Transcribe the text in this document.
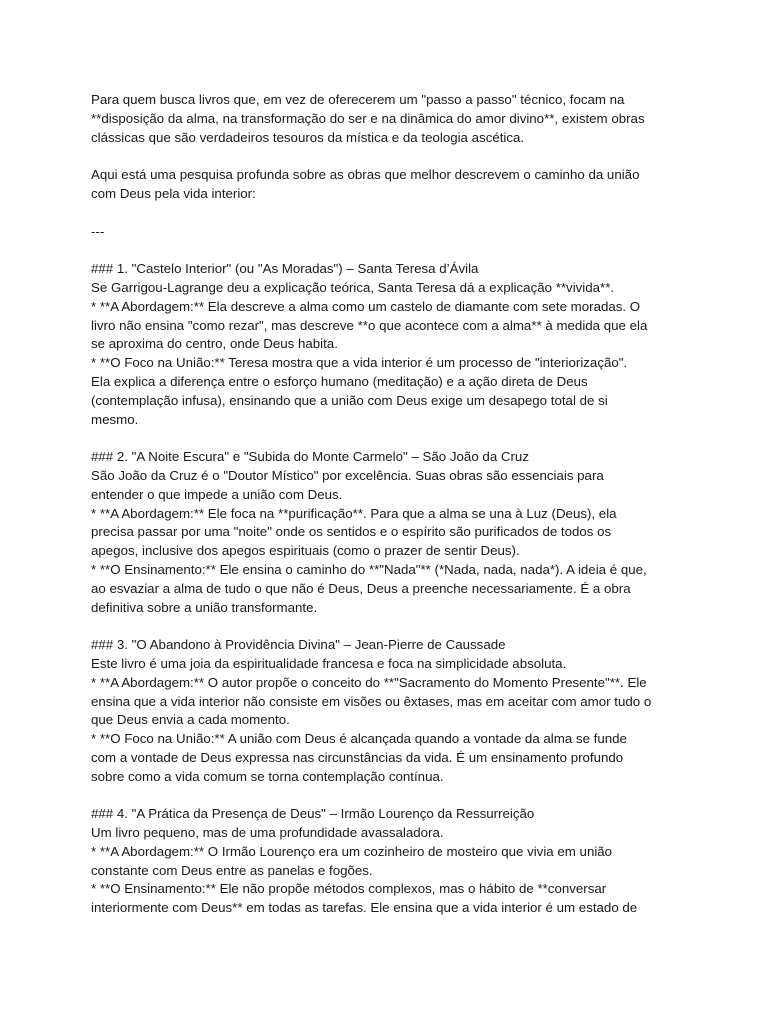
Para quem busca livros que, em vez de oferecerem um "passo a passo" técnico, focam na
**disposição da alma, na transformação do ser e na dinâmica do amor divino**, existem obras
clássicas que são verdadeiros tesouros da mística e da teologia ascética.

Aqui está uma pesquisa profunda sobre as obras que melhor descrevem o caminho da união
com Deus pela vida interior:

---

### 1. "Castelo Interior" (ou "As Moradas") – Santa Teresa d’Ávila
Se Garrigou-Lagrange deu a explicação teórica, Santa Teresa dá a explicação **vivida**.
* **A Abordagem:** Ela descreve a alma como um castelo de diamante com sete moradas. O
livro não ensina "como rezar", mas descreve **o que acontece com a alma** à medida que ela
se aproxima do centro, onde Deus habita.
* **O Foco na União:** Teresa mostra que a vida interior é um processo de "interiorização".
Ela explica a diferença entre o esforço humano (meditação) e a ação direta de Deus
(contemplação infusa), ensinando que a união com Deus exige um desapego total de si
mesmo.
### 2. "A Noite Escura" e "Subida do Monte Carmelo" – São João da Cruz
São João da Cruz é o "Doutor Místico" por excelência. Suas obras são essenciais para
entender o que impede a união com Deus.
* **A Abordagem:** Ele foca na **purificação**. Para que a alma se una à Luz (Deus), ela
precisa passar por uma "noite" onde os sentidos e o espírito são purificados de todos os
apegos, inclusive dos apegos espirituais (como o prazer de sentir Deus).
* **O Ensinamento:** Ele ensina o caminho do **"Nada"** (*Nada, nada, nada*). A ideia é que,
ao esvaziar a alma de tudo o que não é Deus, Deus a preenche necessariamente. É a obra
definitiva sobre a união transformante.
### 3. "O Abandono à Providência Divina" – Jean-Pierre de Caussade
Este livro é uma joia da espiritualidade francesa e foca na simplicidade absoluta.
* **A Abordagem:** O autor propõe o conceito do **"Sacramento do Momento Presente"**. Ele
ensina que a vida interior não consiste em visões ou êxtases, mas em aceitar com amor tudo o
que Deus envia a cada momento.
* **O Foco na União:** A união com Deus é alcançada quando a vontade da alma se funde
com a vontade de Deus expressa nas circunstâncias da vida. É um ensinamento profundo
sobre como a vida comum se torna contemplação contínua.
### 4. "A Prática da Presença de Deus" – Irmão Lourenço da Ressurreição
Um livro pequeno, mas de uma profundidade avassaladora.
* **A Abordagem:** O Irmão Lourenço era um cozinheiro de mosteiro que vivia em união
constante com Deus entre as panelas e fogões.
* **O Ensinamento:** Ele não propõe métodos complexos, mas o hábito de **conversar
interiormente com Deus** em todas as tarefas. Ele ensina que a vida interior é um estado de
